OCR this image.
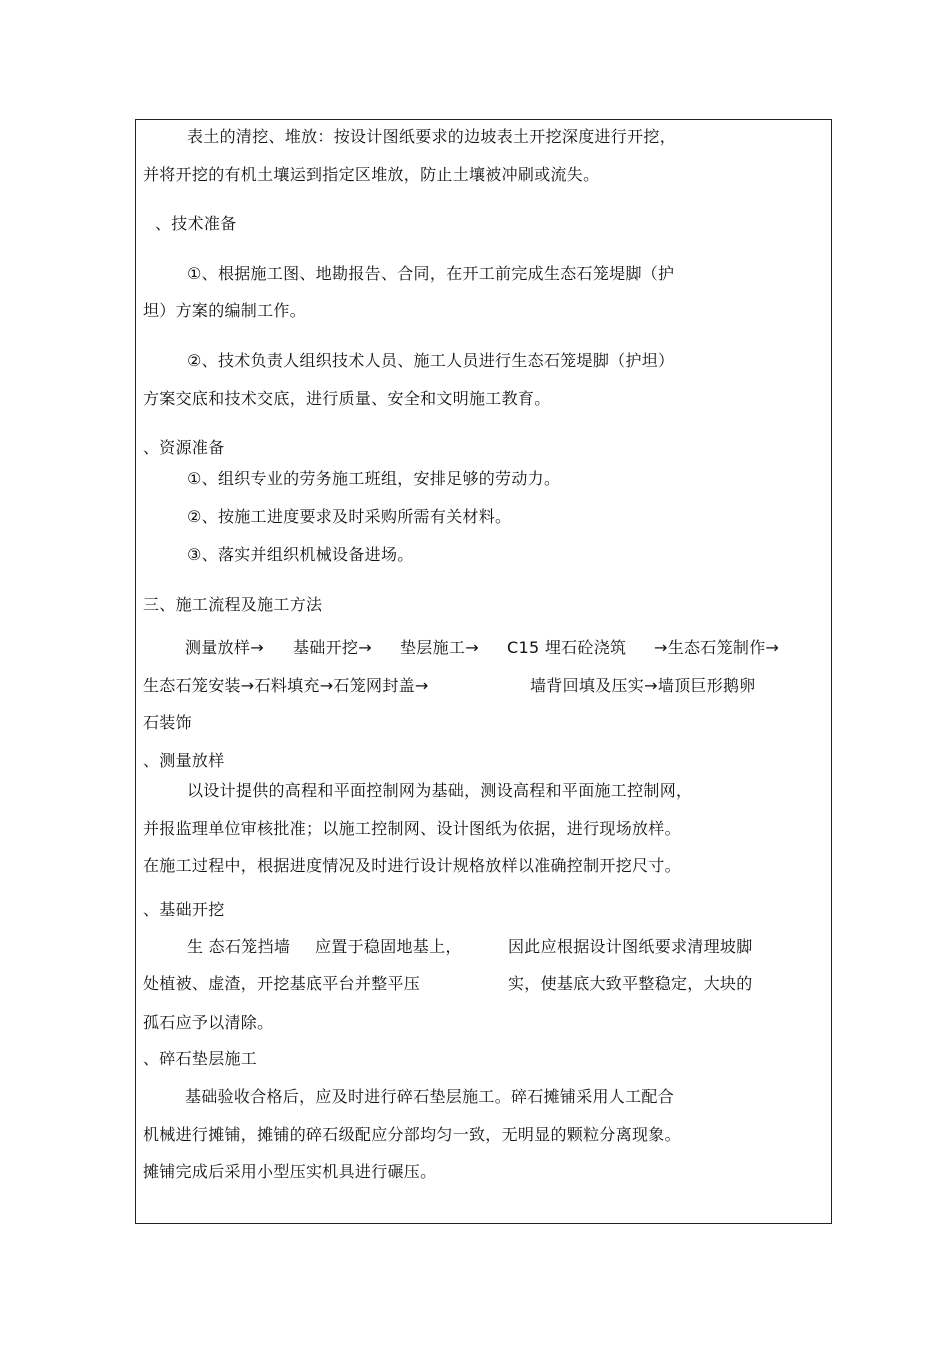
表土的清挖、堆放：按设计图纸要求的边坡表土开挖深度进行开挖，
并将开挖的有机土壤运到指定区堆放，防止土壤被冲刷或流失。
、技术准备
①、根据施工图、地勘报告、合同，在开工前完成生态石笼堤脚（护
坦）方案的编制工作。
②、技术负责人组织技术人员、施工人员进行生态石笼堤脚（护坦）
方案交底和技术交底，进行质量、安全和文明施工教育。
、资源准备
①、组织专业的劳务施工班组，安排足够的劳动力。
②、按施工进度要求及时采购所需有关材料。
③、落实并组织机械设备进场。
三、施工流程及施工方法
测量放样→ 基础开挖→ 垫层施工→ C15 埋石砼浇筑 →生态石笼制作→
生态石笼安装→石料填充→石笼网封盖→	墙背回填及压实→墙顶巨形鹅卵
石装饰
、测量放样
以设计提供的高程和平面控制网为基础，测设高程和平面施工控制网，
并报监理单位审核批准；以施工控制网、设计图纸为依据，进行现场放样。
在施工过程中，根据进度情况及时进行设计规格放样以准确控制开挖尺寸。
、基础开挖
生 态石笼挡墙 应置于稳固地基上，	因此应根据设计图纸要求清理坡脚
处植被、虚渣，开挖基底平台并整平压	实，使基底大致平整稳定，大块的
孤石应予以清除。
、碎石垫层施工
基础验收合格后，应及时进行碎石垫层施工。碎石摊铺采用人工配合
机械进行摊铺，摊铺的碎石级配应分部均匀一致，无明显的颗粒分离现象。
摊铺完成后采用小型压实机具进行碾压。
